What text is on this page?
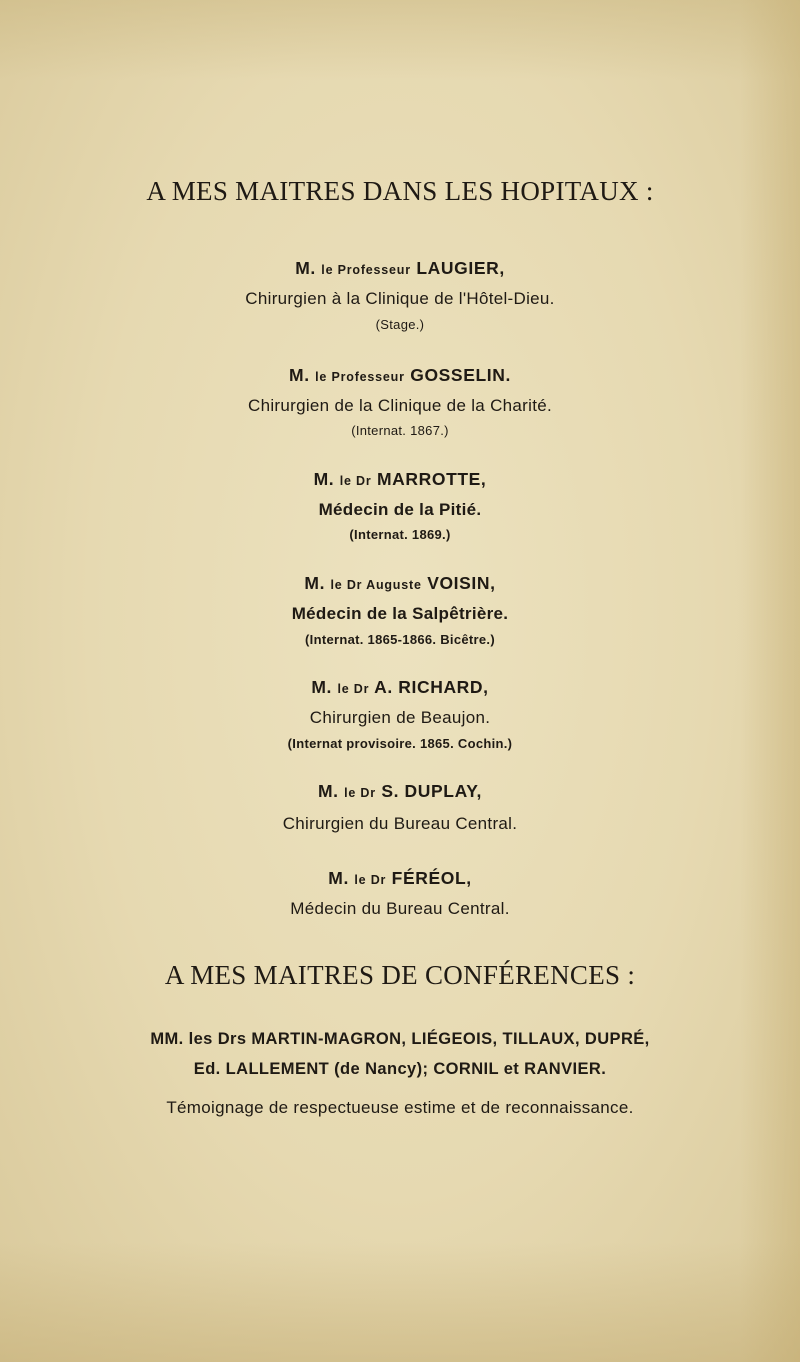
A MES MAITRES DANS LES HOPITAUX :
M. le Professeur LAUGIER,
Chirurgien à la Clinique de l'Hôtel-Dieu.
(Stage.)
M. le Professeur GOSSELIN.
Chirurgien de la Clinique de la Charité.
(Internat. 1867.)
M. le Dr MARROTTE,
Médecin de la Pitié.
(Internat. 1869.)
M. le Dr Auguste VOISIN,
Médecin de la Salpêtrière.
(Internat. 1865-1866. Bicêtre.)
M. le Dr A. RICHARD,
Chirurgien de Beaujon.
(Internat provisoire. 1865. Cochin.)
M. le Dr S. DUPLAY,
Chirurgien du Bureau Central.
M. le Dr FÉRÉOL,
Médecin du Bureau Central.
A MES MAITRES DE CONFÉRENCES :
MM. les Drs MARTIN-MAGRON, LIÉGEOIS, TILLAUX, DUPRÉ,
Ed. LALLEMENT (de Nancy); CORNIL et RANVIER.
Témoignage de respectueuse estime et de reconnaissance.
